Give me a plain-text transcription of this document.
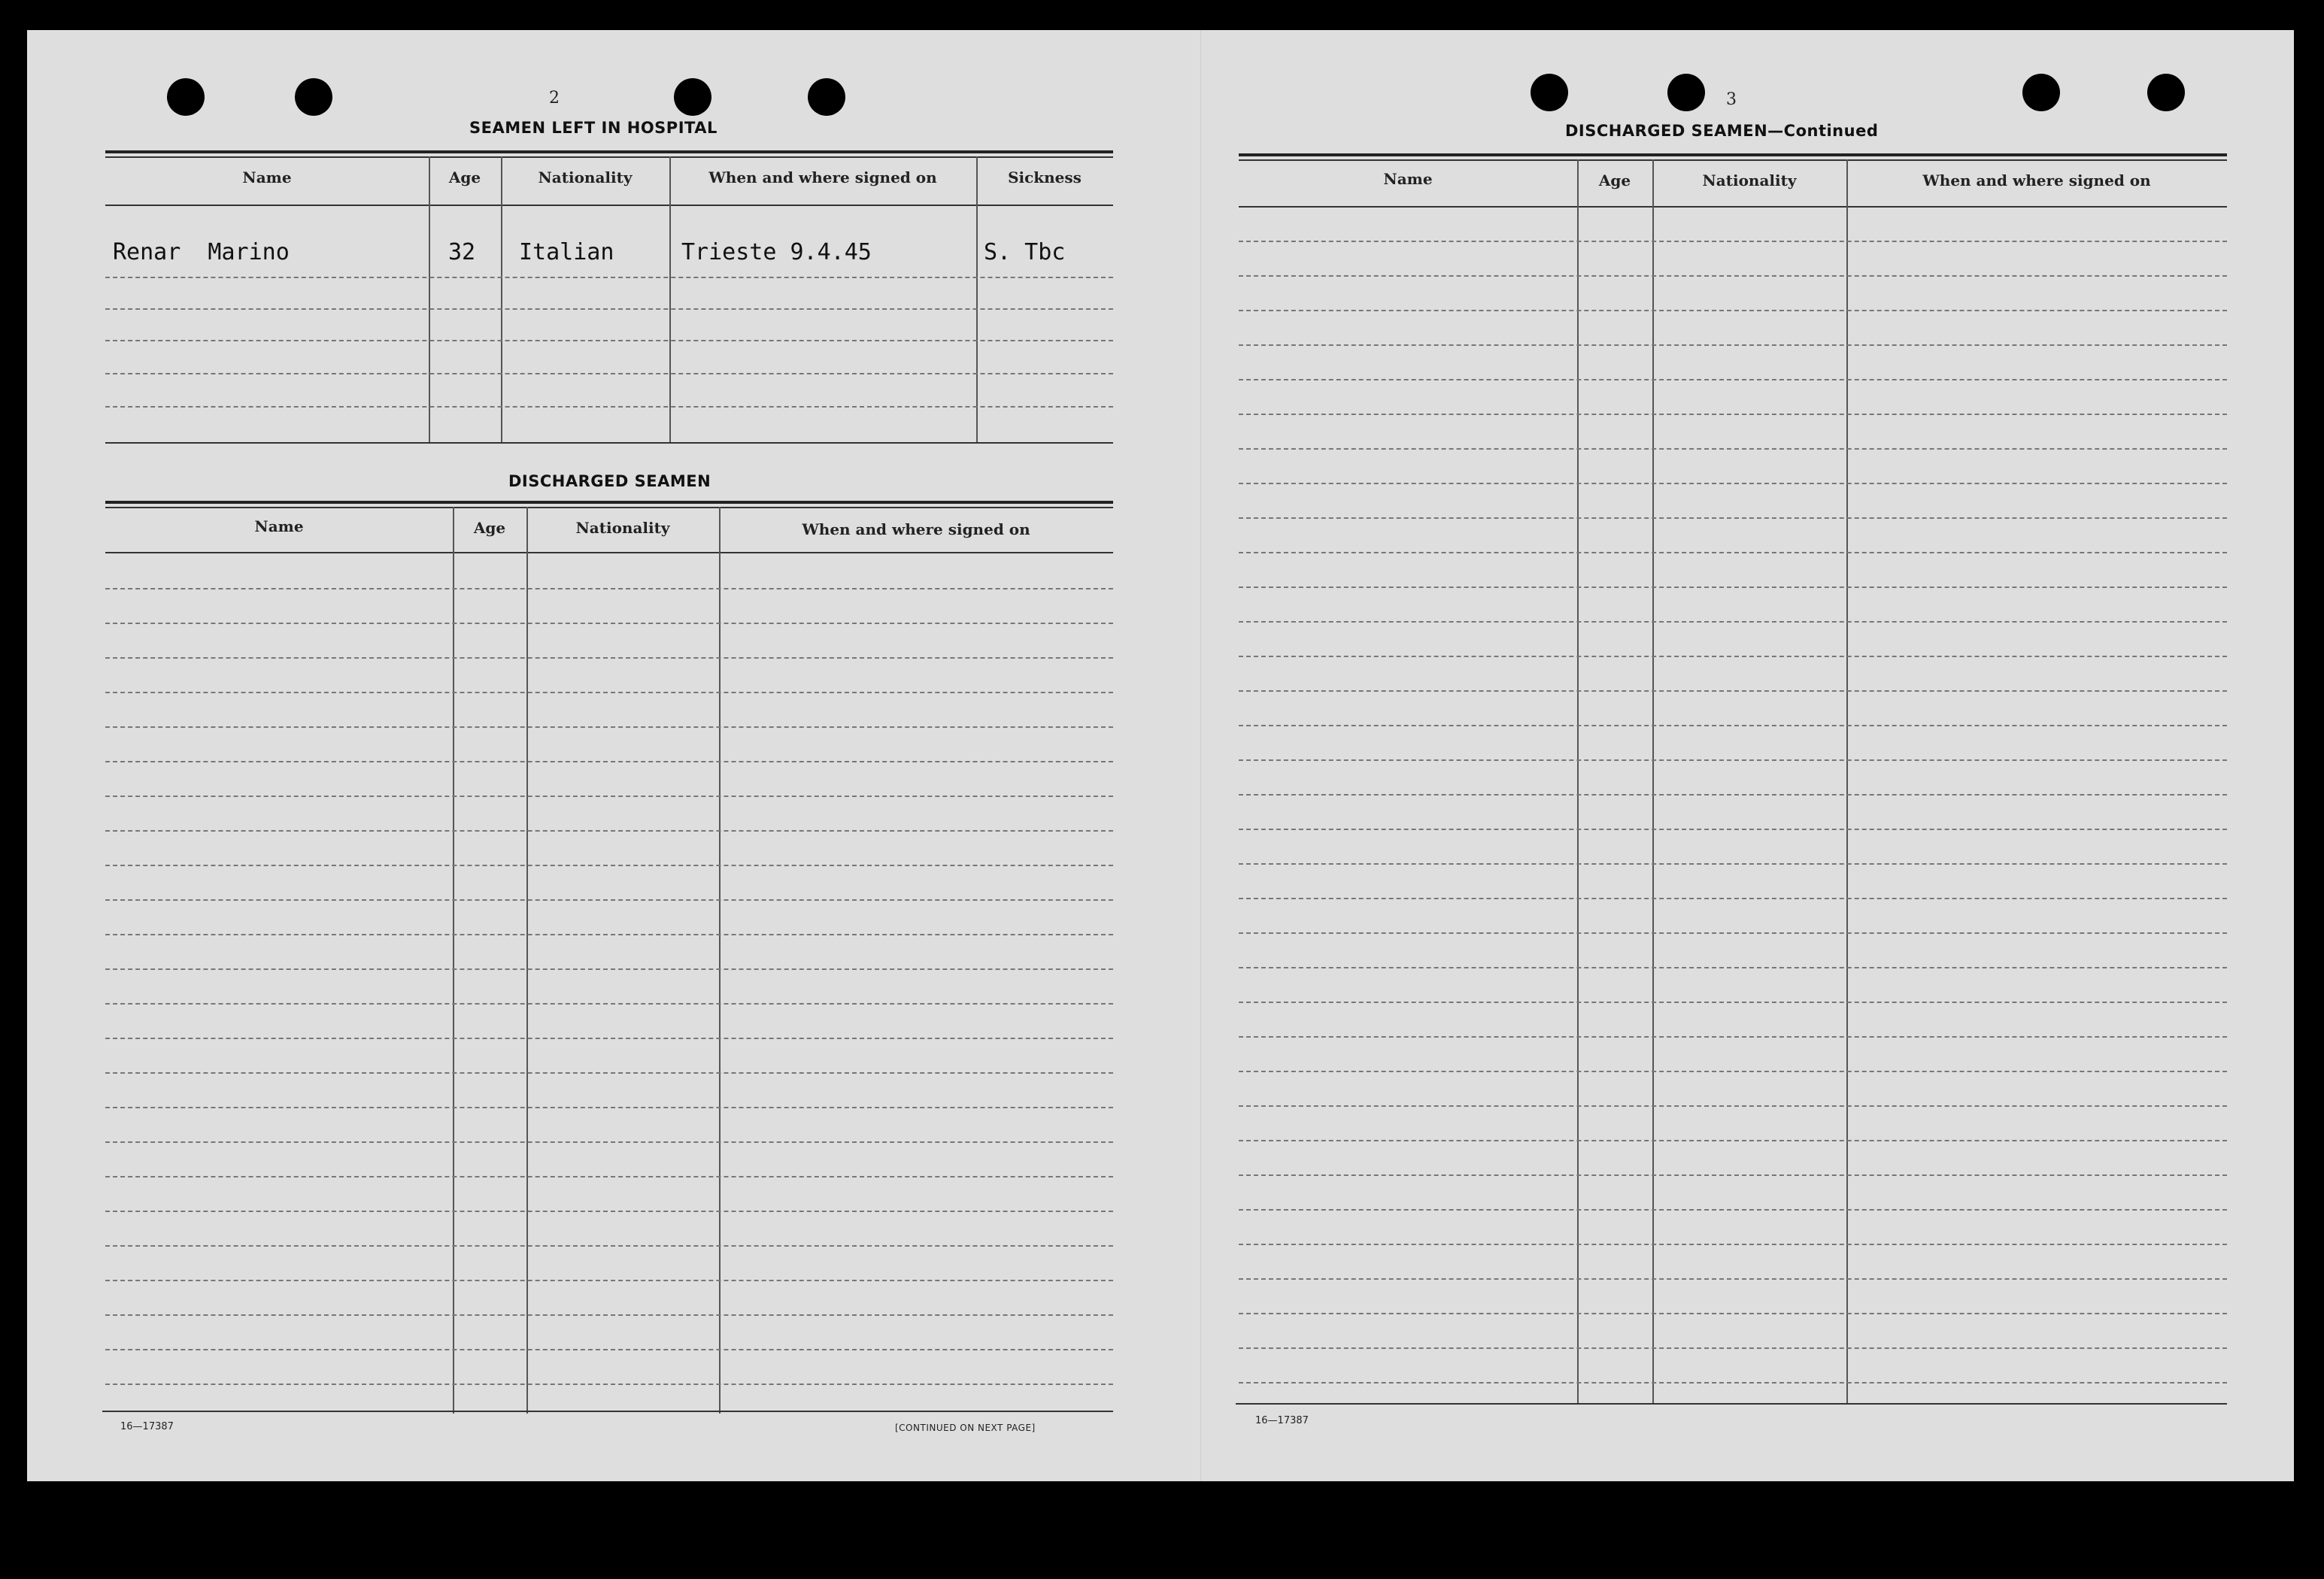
2
SEAMEN LEFT IN HOSPITAL
Name	Age	Nationality	When and where signed on	Sickness
Renar  Marino	32 Italian	Trieste 9.4.45	S. Tbc
DISCHARGED SEAMEN
Name	Age	Nationality	When and where signed on
16—17387	[CONTINUED ON NEXT PAGE]
3
DISCHARGED SEAMEN—Continued
Name	Age	Nationality	When and where signed on
16—17387
